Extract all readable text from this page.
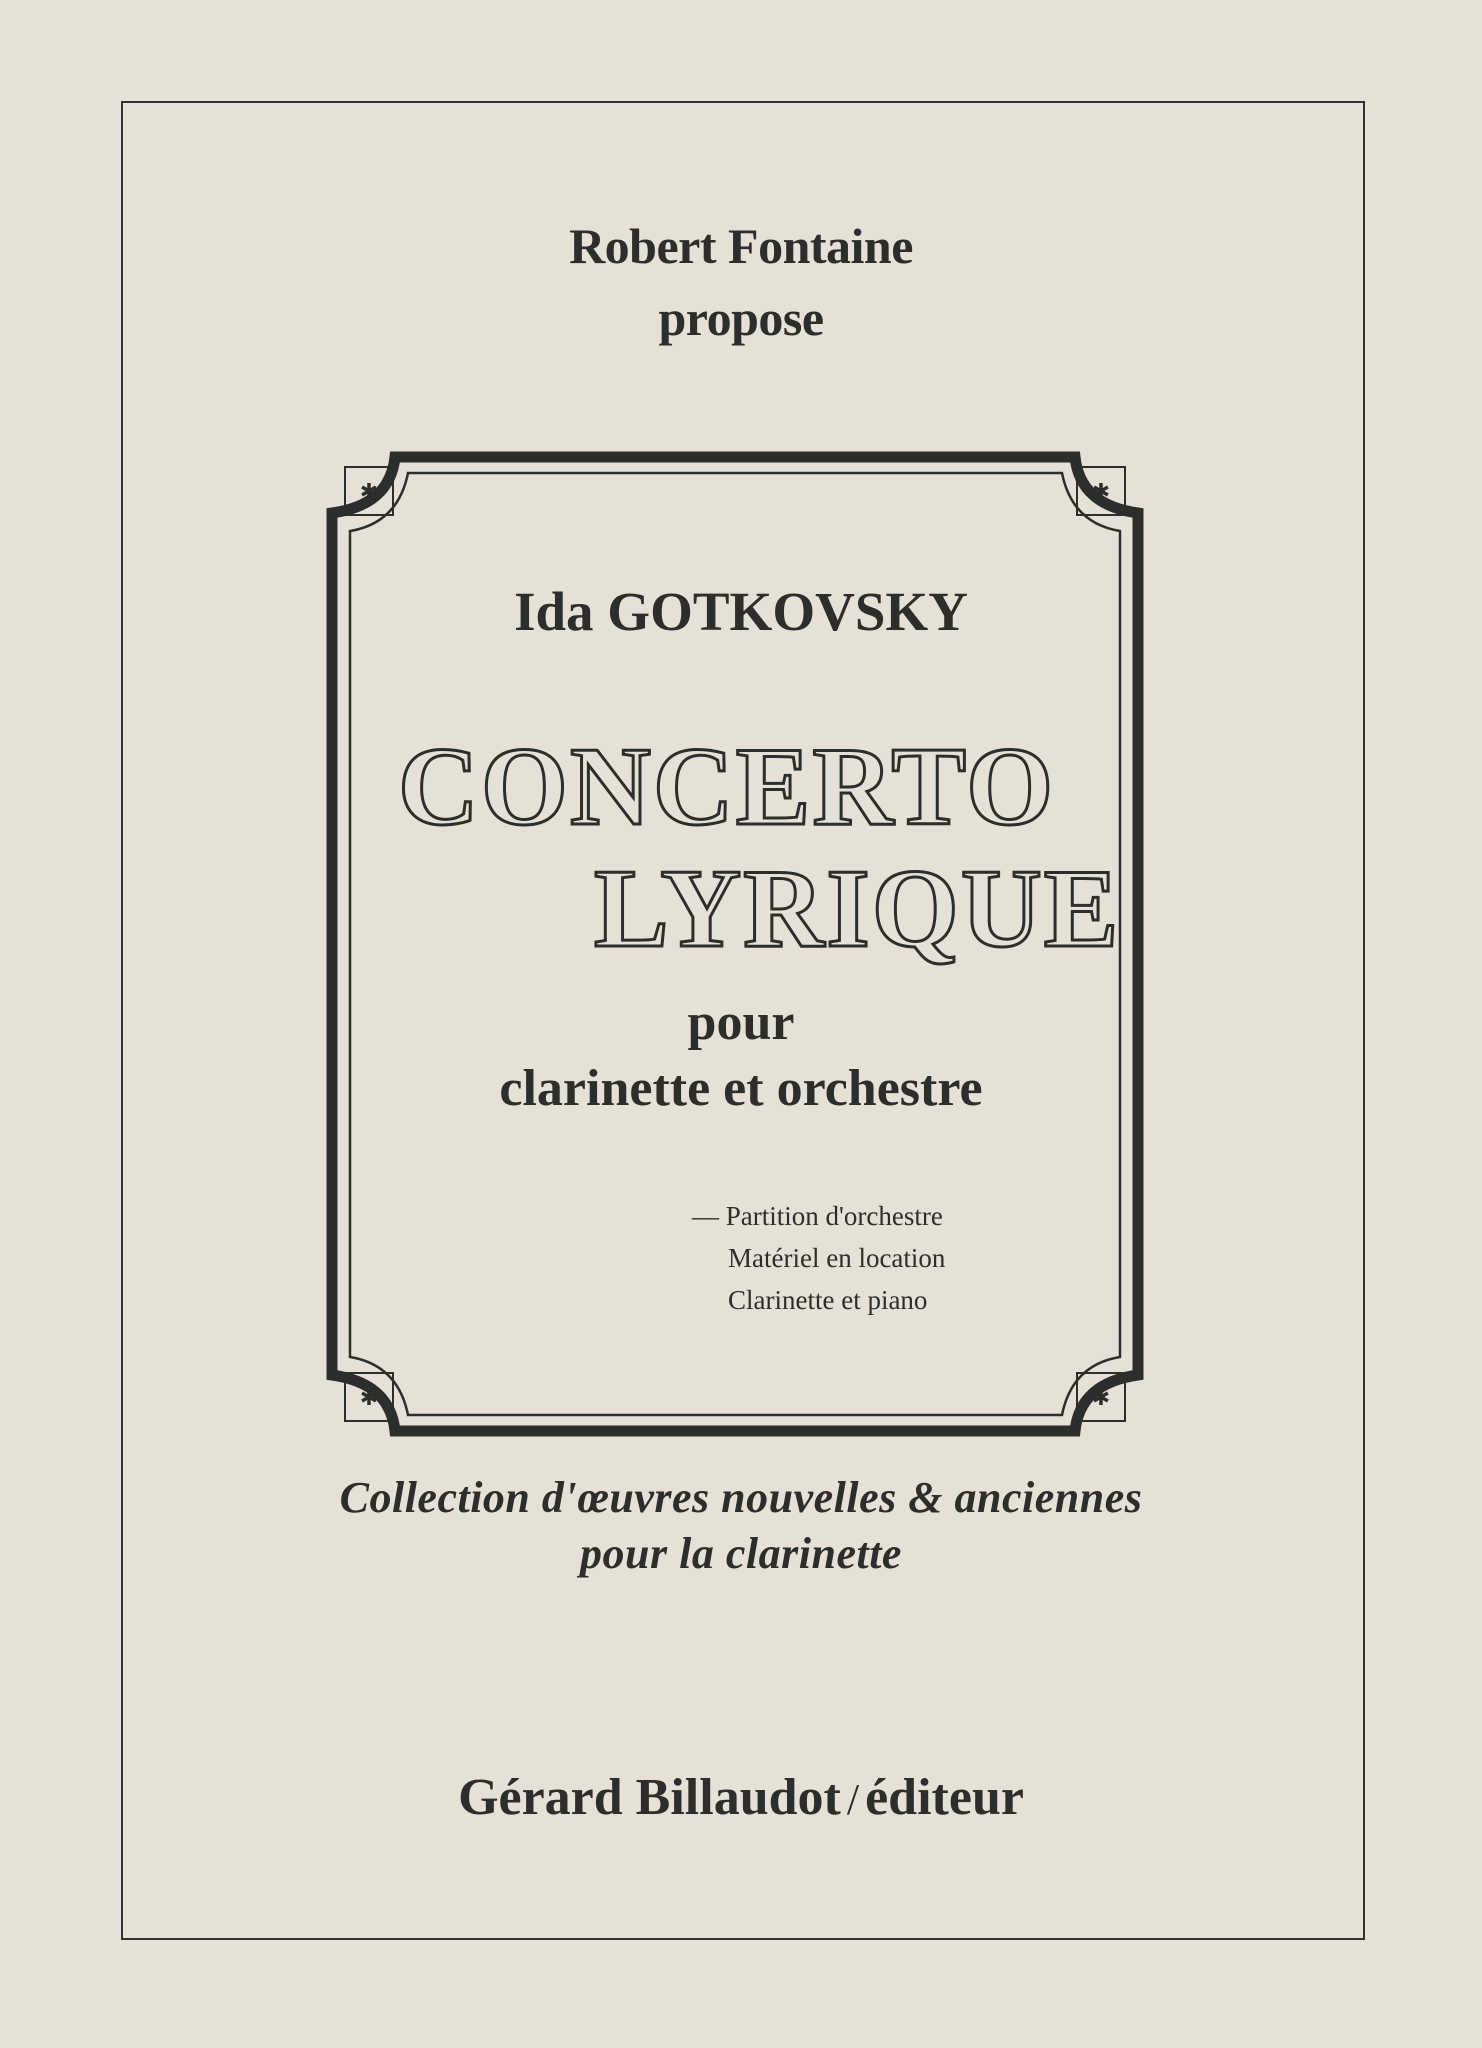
Robert Fontaine
propose
✱	✱
✱	✱
Ida GOTKOVSKY
CONCERTO
LYRIQUE
pour
clarinette et orchestre
— Partition d'orchestre
Matériel en location
Clarinette et piano
Collection d'œuvres nouvelles & anciennes
pour la clarinette
Gérard Billaudot / éditeur
